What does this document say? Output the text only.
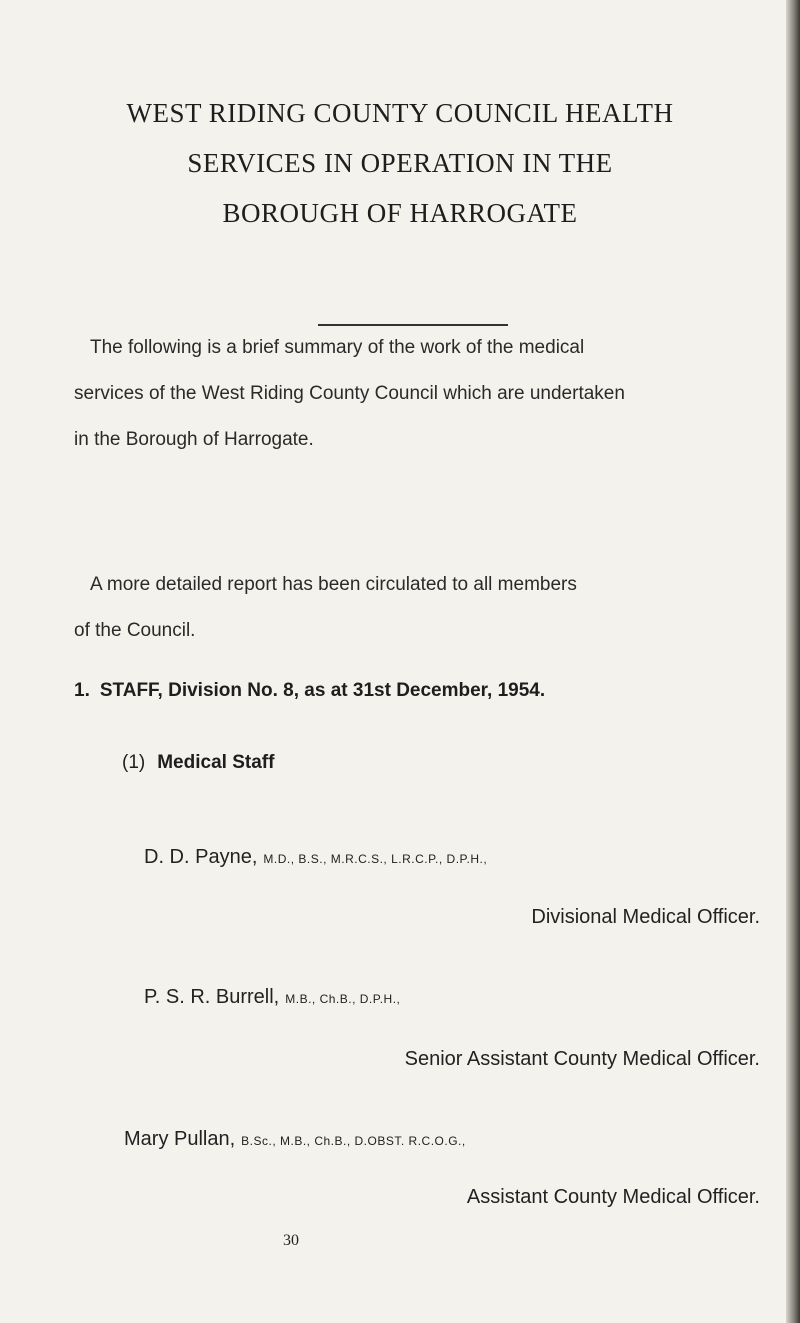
WEST RIDING COUNTY COUNCIL HEALTH
SERVICES IN OPERATION IN THE
BOROUGH OF HARROGATE
The following is a brief summary of the work of the medical
services of the West Riding County Council which are undertaken
in the Borough of Harrogate.
A more detailed report has been circulated to all members
of the Council.
1. STAFF, Division No. 8, as at 31st December, 1954.
(1) Medical Staff
D. D. Payne, M.D., B.S., M.R.C.S., L.R.C.P., D.P.H.,
Divisional Medical Officer.
P. S. R. Burrell, M.B., Ch.B., D.P.H.,
Senior Assistant County Medical Officer.
Mary Pullan, B.Sc., M.B., Ch.B., D.OBST. R.C.O.G.,
Assistant County Medical Officer.
30
